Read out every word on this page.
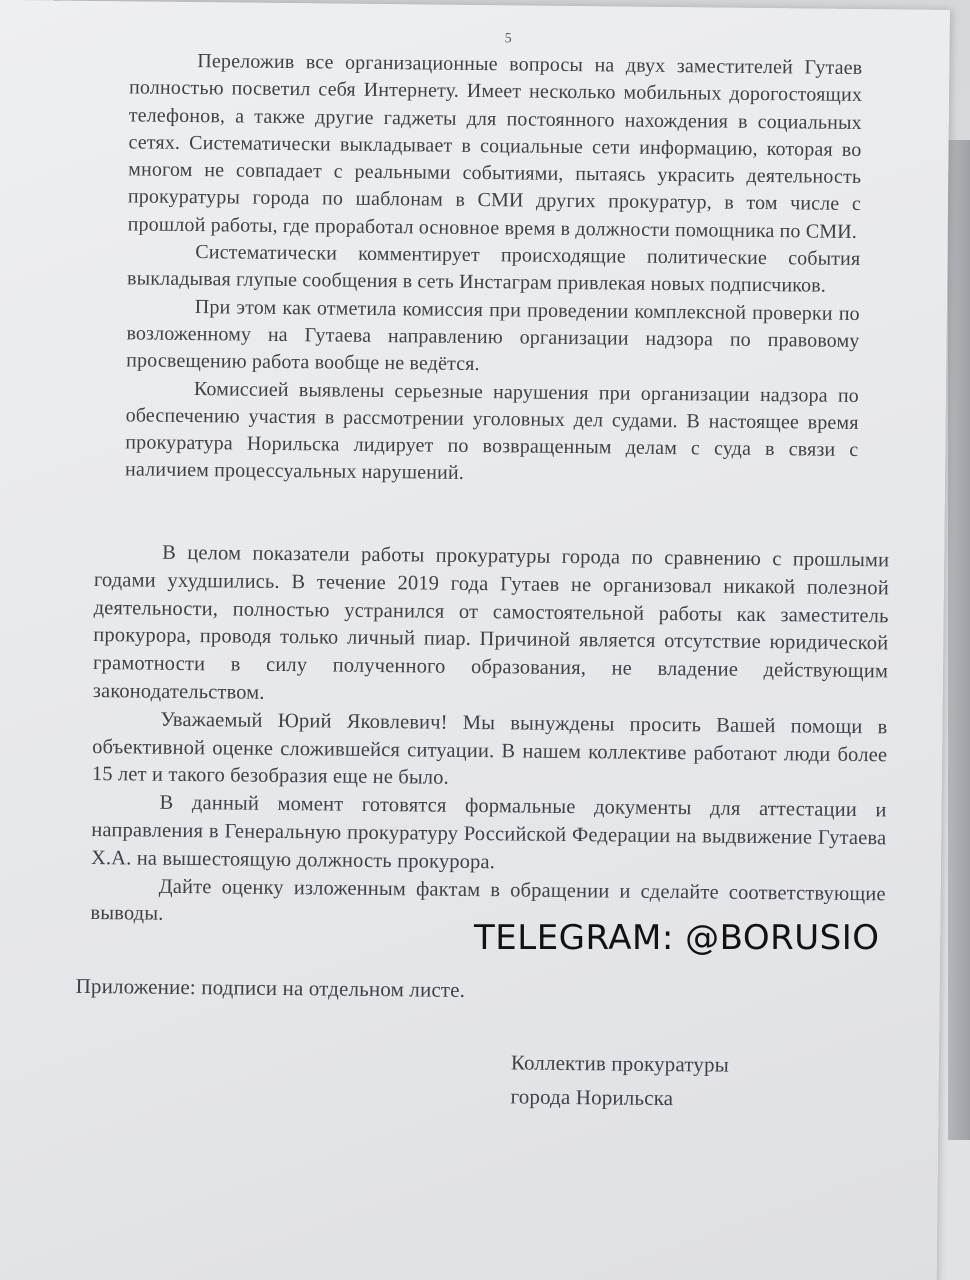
5

Переложив все организационные вопросы на двух заместителей Гутаев полностью посветил себя Интернету. Имеет несколько мобильных дорогостоящих телефонов, а также другие гаджеты для постоянного нахождения в социальных сетях. Систематически выкладывает в социальные сети информацию, которая во многом не совпадает с реальными событиями, пытаясь украсить деятельность прокуратуры города по шаблонам в СМИ других прокуратур, в том числе с прошлой работы, где проработал основное время в должности помощника по СМИ.

Систематически комментирует происходящие политические события выкладывая глупые сообщения в сеть Инстаграм привлекая новых подписчиков.

При этом как отметила комиссия при проведении комплексной проверки по возложенному на Гутаева направлению организации надзора по правовому просвещению работа вообще не ведётся.

Комиссией выявлены серьезные нарушения при организации надзора по обеспечению участия в рассмотрении уголовных дел судами. В настоящее время прокуратура Норильска лидирует по возвращенным делам с суда в связи с наличием процессуальных нарушений.

В целом показатели работы прокуратуры города по сравнению с прошлыми годами ухудшились. В течение 2019 года Гутаев не организовал никакой полезной деятельности, полностью устранился от самостоятельной работы как заместитель прокурора, проводя только личный пиар. Причиной является отсутствие юридической грамотности в силу полученного образования, не владение действующим законодательством.

Уважаемый Юрий Яковлевич! Мы вынуждены просить Вашей помощи в объективной оценке сложившейся ситуации. В нашем коллективе работают люди более 15 лет и такого безобразия еще не было.

В данный момент готовятся формальные документы для аттестации и направления в Генеральную прокуратуру Российской Федерации на выдвижение Гутаева Х.А. на вышестоящую должность прокурора.

Дайте оценку изложенным фактам в обращении и сделайте соответствующие выводы.

Приложение: подписи на отдельном листе.
Коллектив прокуратуры
города Норильска
TELEGRAM: @BORUSIO
